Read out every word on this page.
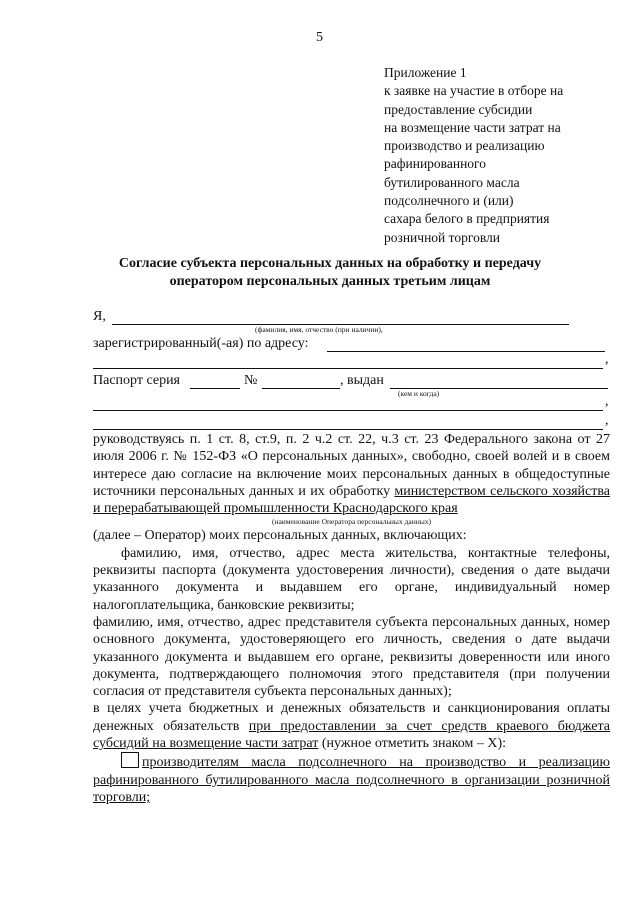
5
Приложение 1
к заявке на участие в отборе на
предоставление субсидии
на возмещение части затрат на
производство и реализацию
рафинированного
бутилированного масла
подсолнечного и (или)
сахара белого в предприятия
розничной торговли
Согласие субъекта персональных данных на обработку и передачу
оператором персональных данных третьим лицам
Я,
(фамилия, имя, отчество (при наличии),
зарегистрированный(-ая) по адресу:
,
Паспорт серия	№	, выдан
(кем и когда)
,
,

руководствуясь п. 1 ст. 8, ст.9, п. 2 ч.2 ст. 22, ч.3 ст. 23 Федерального закона от 27 июля 2006 г. № 152-ФЗ «О персональных данных», свободно, своей волей и в своем интересе даю согласие на включение моих персональных данных в общедоступные источники персональных данных и их обработку министерством сельского хозяйства и перерабатывающей промышленности Краснодарского края

(наименование Оператора персональных данных)

(далее – Оператор) моих персональных данных, включающих:

фамилию, имя, отчество, адрес места жительства, контактные телефоны, реквизиты паспорта (документа удостоверения личности), сведения о дате выдачи указанного документа и выдавшем его органе, индивидуальный номер налогоплательщика, банковские реквизиты;

фамилию, имя, отчество, адрес представителя субъекта персональных данных, номер основного документа, удостоверяющего его личность, сведения о дате выдачи указанного документа и выдавшем его органе, реквизиты доверенности или иного документа, подтверждающего полномочия этого представителя (при получении согласия от представителя субъекта персональных данных);

в целях учета бюджетных и денежных обязательств и санкционирования оплаты денежных обязательств при предоставлении за счет средств краевого бюджета субсидий на возмещение части затрат (нужное отметить знаком – X):

производителям масла подсолнечного на производство и реализацию рафинированного бутилированного масла подсолнечного в организации розничной торговли;
